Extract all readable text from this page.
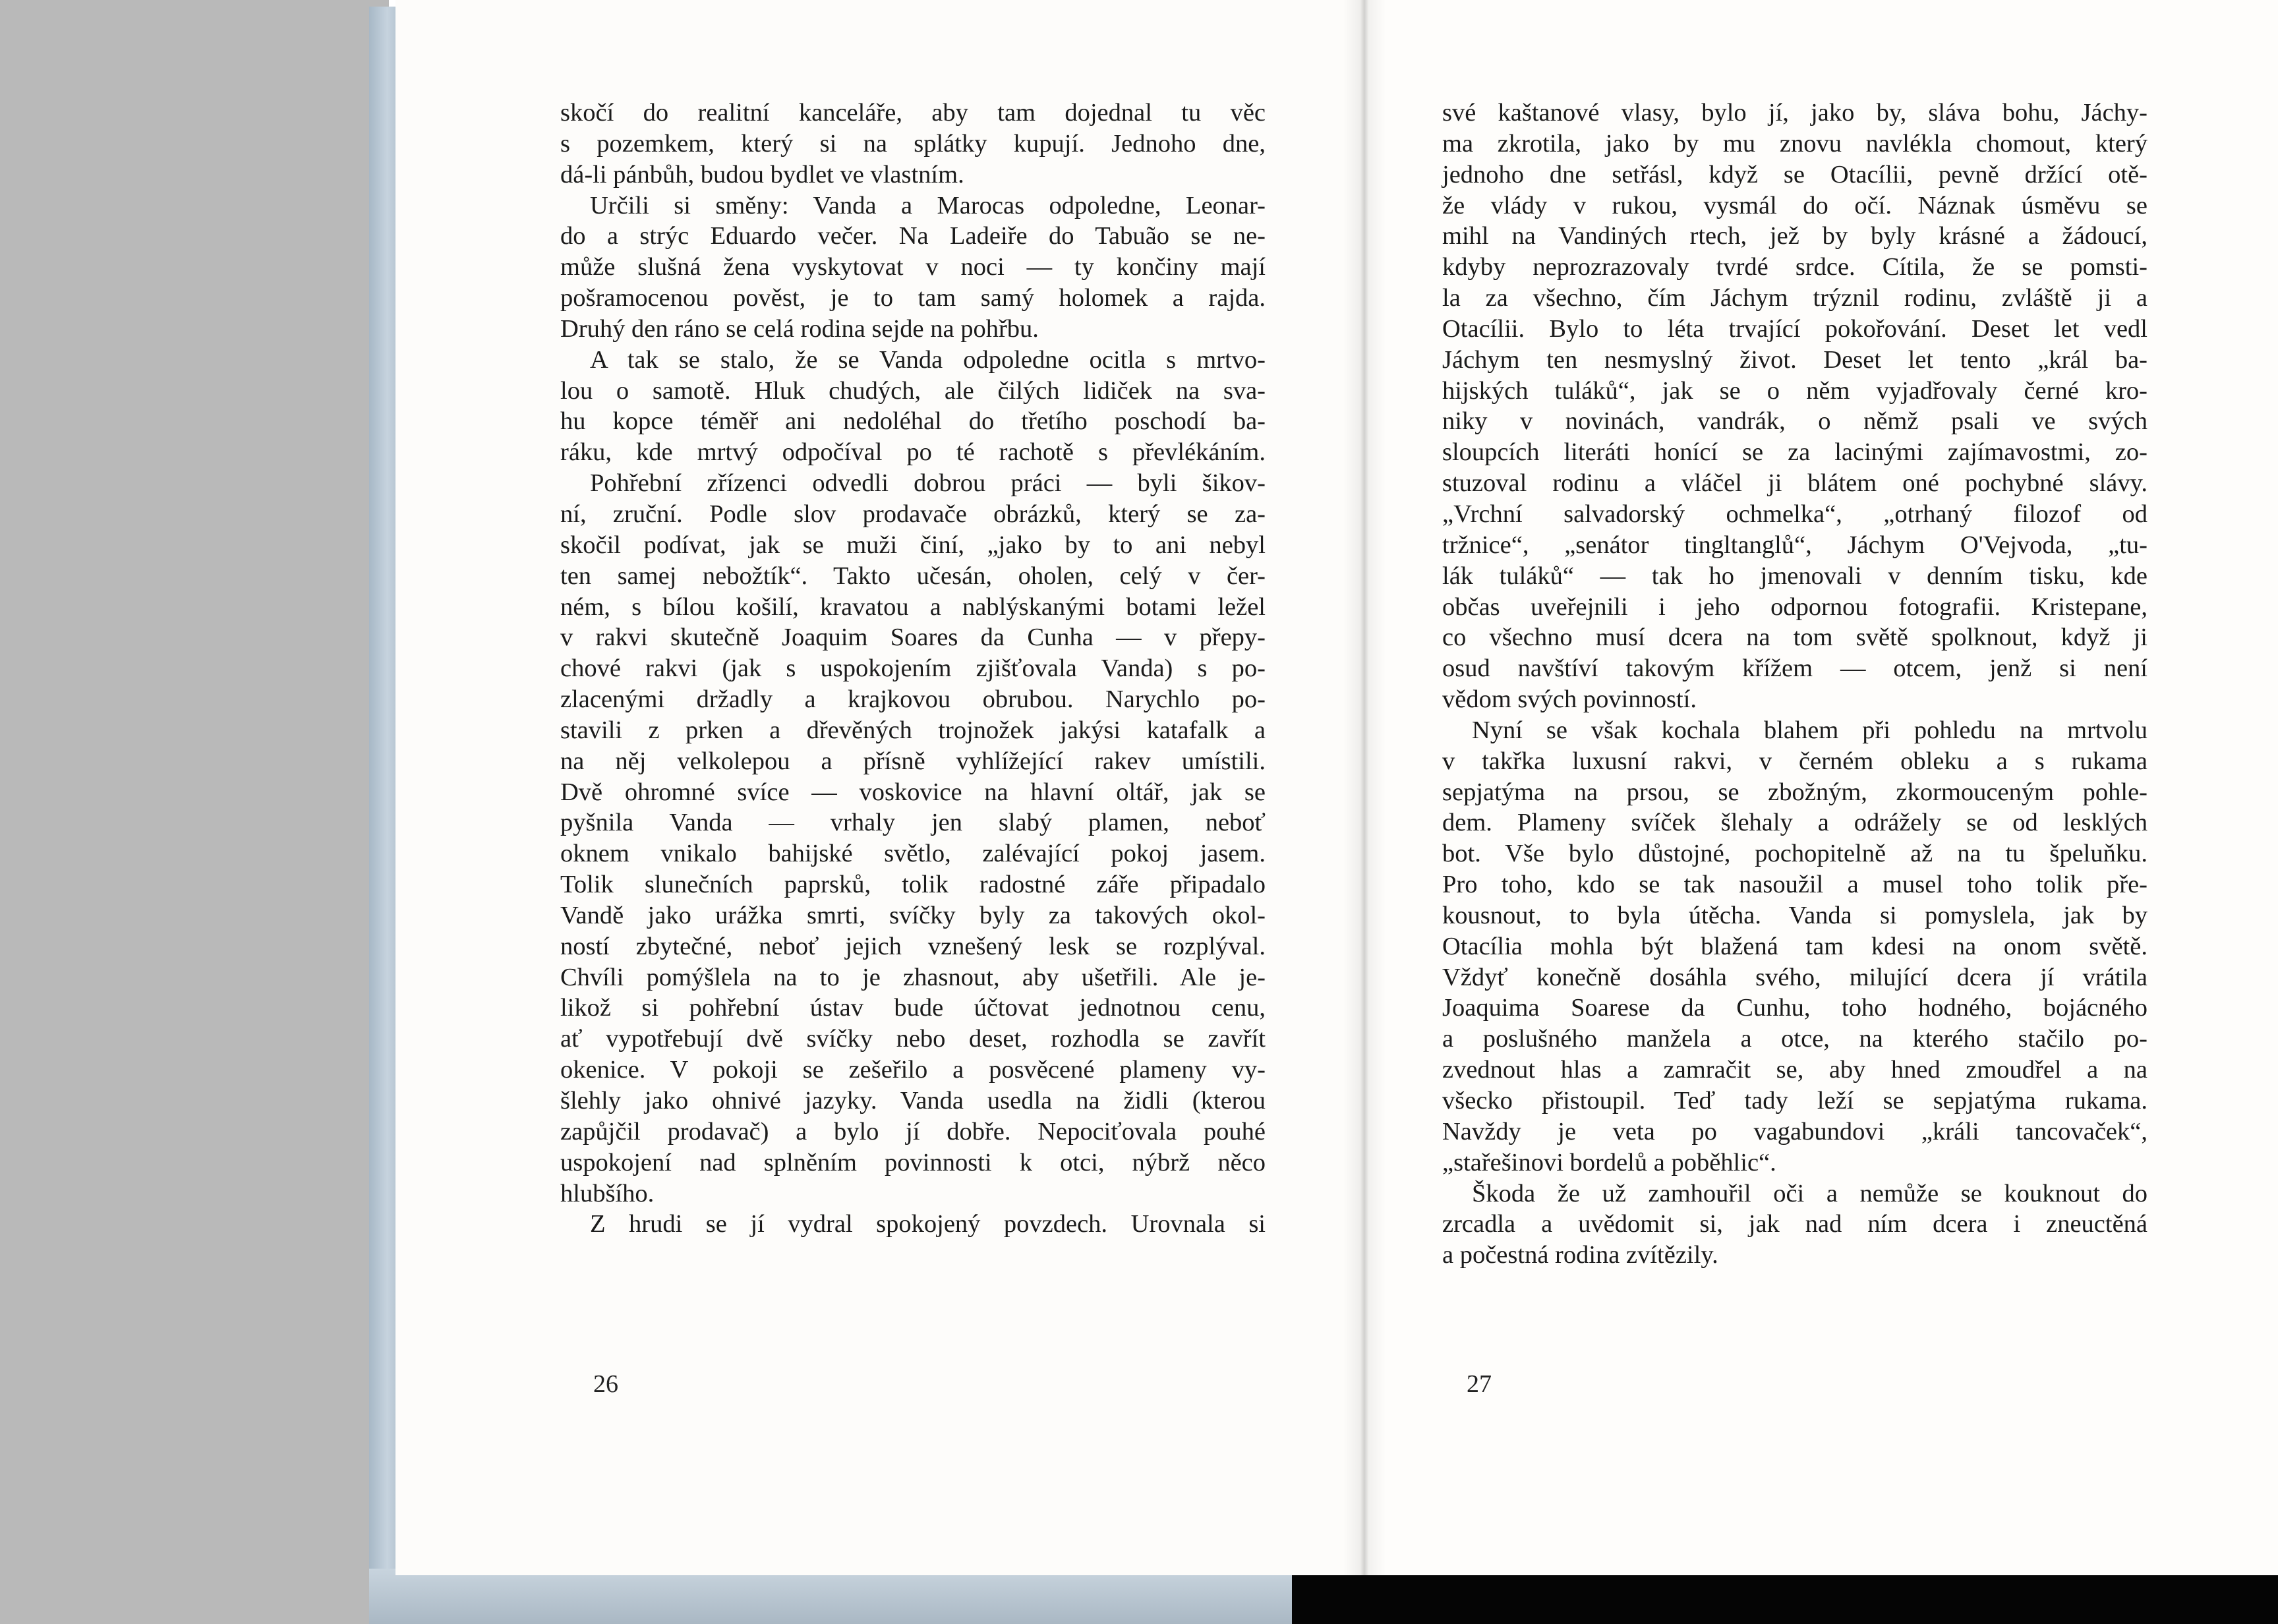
skočí do realitní kanceláře, aby tam dojednal tu věc
s pozemkem, který si na splátky kupují. Jednoho dne,
dá-li pánbůh, budou bydlet ve vlastním.
Určili si směny: Vanda a Marocas odpoledne, Leonar-
do a strýc Eduardo večer. Na Ladeiře do Tabuão se ne-
může slušná žena vyskytovat v noci — ty končiny mají
pošramocenou pověst, je to tam samý holomek a rajda.
Druhý den ráno se celá rodina sejde na pohřbu.
A tak se stalo, že se Vanda odpoledne ocitla s mrtvo-
lou o samotě. Hluk chudých, ale čilých lidiček na sva-
hu kopce téměř ani nedoléhal do třetího poschodí ba-
ráku, kde mrtvý odpočíval po té rachotě s převlékáním.
Pohřební zřízenci odvedli dobrou práci — byli šikov-
ní, zruční. Podle slov prodavače obrázků, který se za-
skočil podívat, jak se muži činí, „jako by to ani nebyl
ten samej nebožtík“. Takto učesán, oholen, celý v čer-
ném, s bílou košilí, kravatou a nablýskanými botami ležel
v rakvi skutečně Joaquim Soares da Cunha — v přepy-
chové rakvi (jak s uspokojením zjišťovala Vanda) s po-
zlacenými držadly a krajkovou obrubou. Narychlo po-
stavili z prken a dřevěných trojnožek jakýsi katafalk a
na něj velkolepou a přísně vyhlížející rakev umístili.
Dvě ohromné svíce — voskovice na hlavní oltář, jak se
pyšnila Vanda — vrhaly jen slabý plamen, neboť
oknem vnikalo bahijské světlo, zalévající pokoj jasem.
Tolik slunečních paprsků, tolik radostné záře připadalo
Vandě jako urážka smrti, svíčky byly za takových okol-
ností zbytečné, neboť jejich vznešený lesk se rozplýval.
Chvíli pomýšlela na to je zhasnout, aby ušetřili. Ale je-
likož si pohřební ústav bude účtovat jednotnou cenu,
ať vypotřebují dvě svíčky nebo deset, rozhodla se zavřít
okenice. V pokoji se zešeřilo a posvěcené plameny vy-
šlehly jako ohnivé jazyky. Vanda usedla na židli (kterou
zapůjčil prodavač) a bylo jí dobře. Nepociťovala pouhé
uspokojení nad splněním povinnosti k otci, nýbrž něco
hlubšího.
Z hrudi se jí vydral spokojený povzdech. Urovnala si
své kaštanové vlasy, bylo jí, jako by, sláva bohu, Jáchy-
ma zkrotila, jako by mu znovu navlékla chomout, který
jednoho dne setřásl, když se Otacílii, pevně držící otě-
že vlády v rukou, vysmál do očí. Náznak úsměvu se
mihl na Vandiných rtech, jež by byly krásné a žádoucí,
kdyby neprozrazovaly tvrdé srdce. Cítila, že se pomsti-
la za všechno, čím Jáchym trýznil rodinu, zvláště ji a
Otacílii. Bylo to léta trvající pokořování. Deset let vedl
Jáchym ten nesmyslný život. Deset let tento „král ba-
hijských tuláků“, jak se o něm vyjadřovaly černé kro-
niky v novinách, vandrák, o němž psali ve svých
sloupcích literáti honící se za lacinými zajímavostmi, zo-
stuzoval rodinu a vláčel ji blátem oné pochybné slávy.
„Vrchní salvadorský ochmelka“, „otrhaný filozof od
tržnice“, „senátor tingltanglů“, Jáchym O'Vejvoda, „tu-
lák tuláků“ — tak ho jmenovali v denním tisku, kde
občas uveřejnili i jeho odpornou fotografii. Kristepane,
co všechno musí dcera na tom světě spolknout, když ji
osud navštíví takovým křížem — otcem, jenž si není
vědom svých povinností.
Nyní se však kochala blahem při pohledu na mrtvolu
v takřka luxusní rakvi, v černém obleku a s rukama
sepjatýma na prsou, se zbožným, zkormouceným pohle-
dem. Plameny svíček šlehaly a odrážely se od lesklých
bot. Vše bylo důstojné, pochopitelně až na tu špeluňku.
Pro toho, kdo se tak nasoužil a musel toho tolik pře-
kousnout, to byla útěcha. Vanda si pomyslela, jak by
Otacília mohla být blažená tam kdesi na onom světě.
Vždyť konečně dosáhla svého, milující dcera jí vrátila
Joaquima Soarese da Cunhu, toho hodného, bojácného
a poslušného manžela a otce, na kterého stačilo po-
zvednout hlas a zamračit se, aby hned zmoudřel a na
všecko přistoupil. Teď tady leží se sepjatýma rukama.
Navždy je veta po vagabundovi „králi tancovaček“,
„stařešinovi bordelů a poběhlic“.
Škoda že už zamhouřil oči a nemůže se kouknout do
zrcadla a uvědomit si, jak nad ním dcera i zneuctěná
a počestná rodina zvítězily.
26	27
